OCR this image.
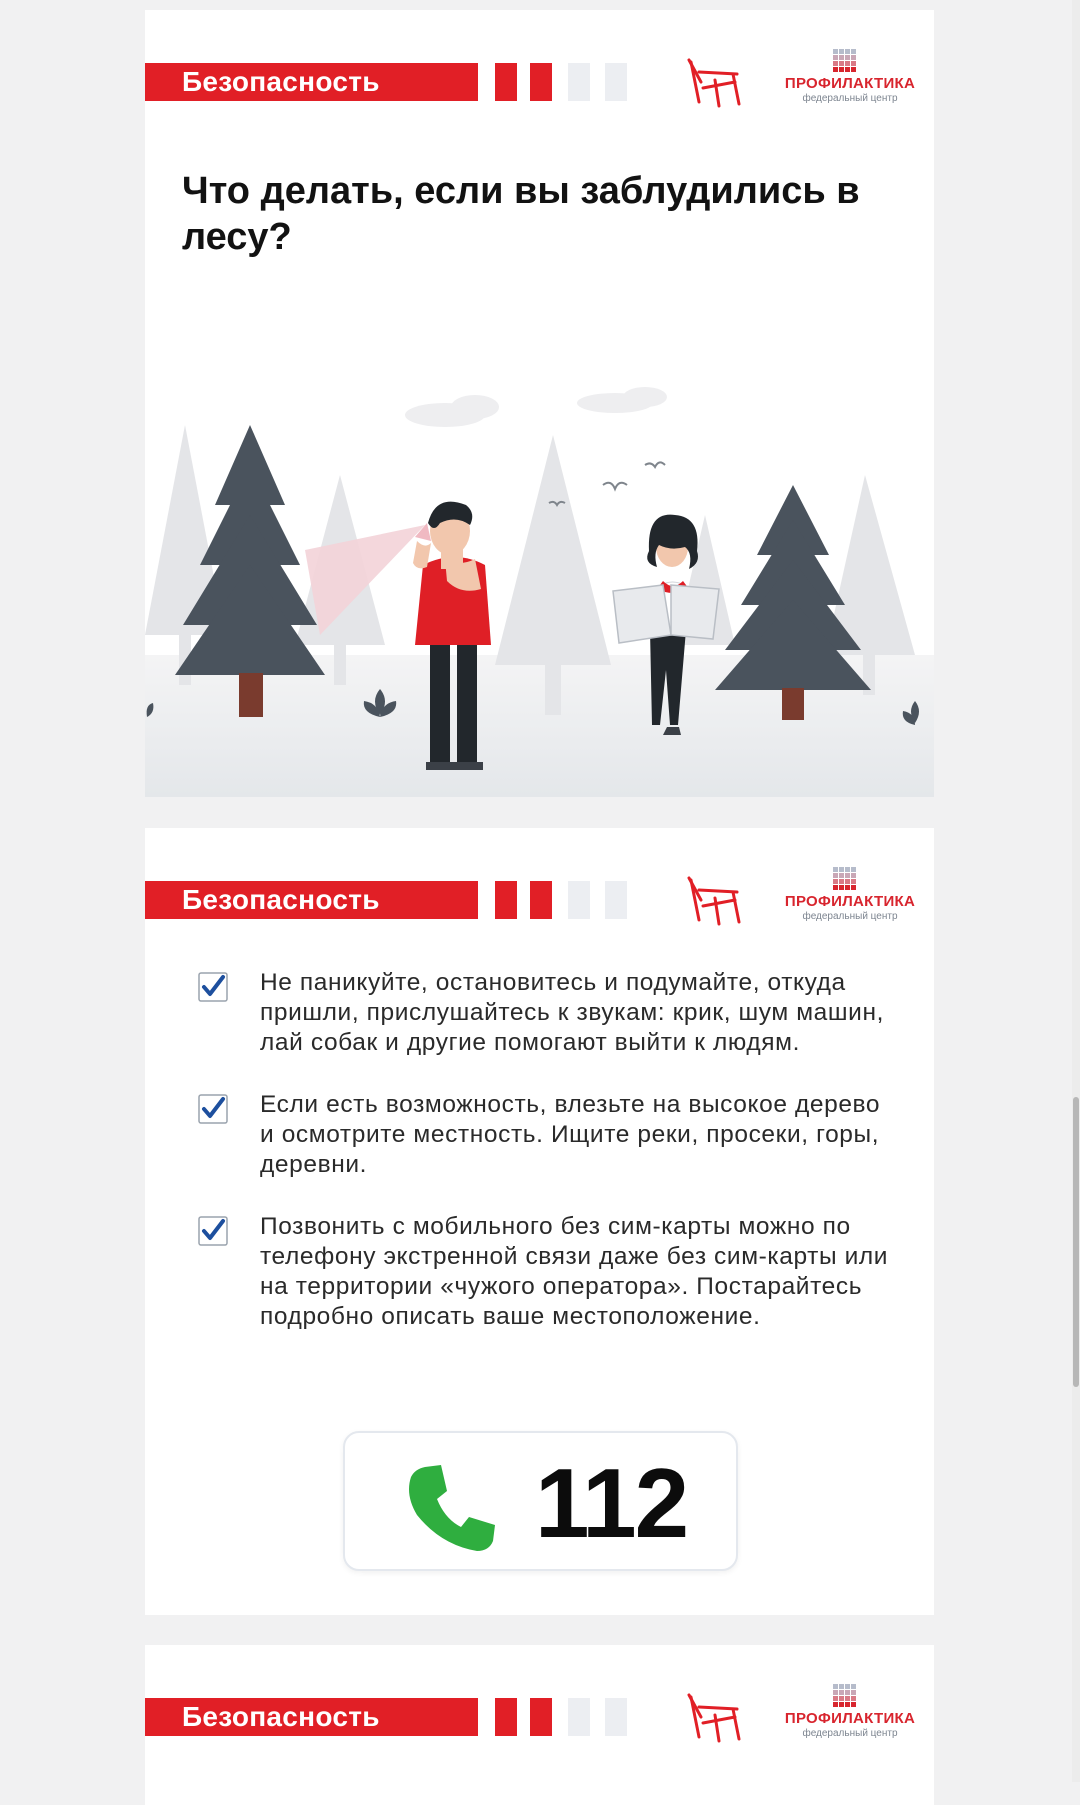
Безопасность	ПРОФИЛАКТИКА
федеральный центр
Что делать, если вы заблудились в лесу?
Безопасность	ПРОФИЛАКТИКА
федеральный центр
Не паникуйте, остановитесь и подумайте, откуда пришли, прислушайтесь к звукам: крик, шум машин, лай собак и другие помогают выйти к людям.
Если есть возможность, влезьте на высокое дерево и осмотрите местность. Ищите реки, просеки, горы, деревни.
Позвонить с мобильного без сим-карты можно по телефону экстренной связи даже без сим-карты или на территории «чужого оператора». Постарайтесь подробно описать ваше местоположение.
112
Безопасность	ПРОФИЛАКТИКА
федеральный центр
